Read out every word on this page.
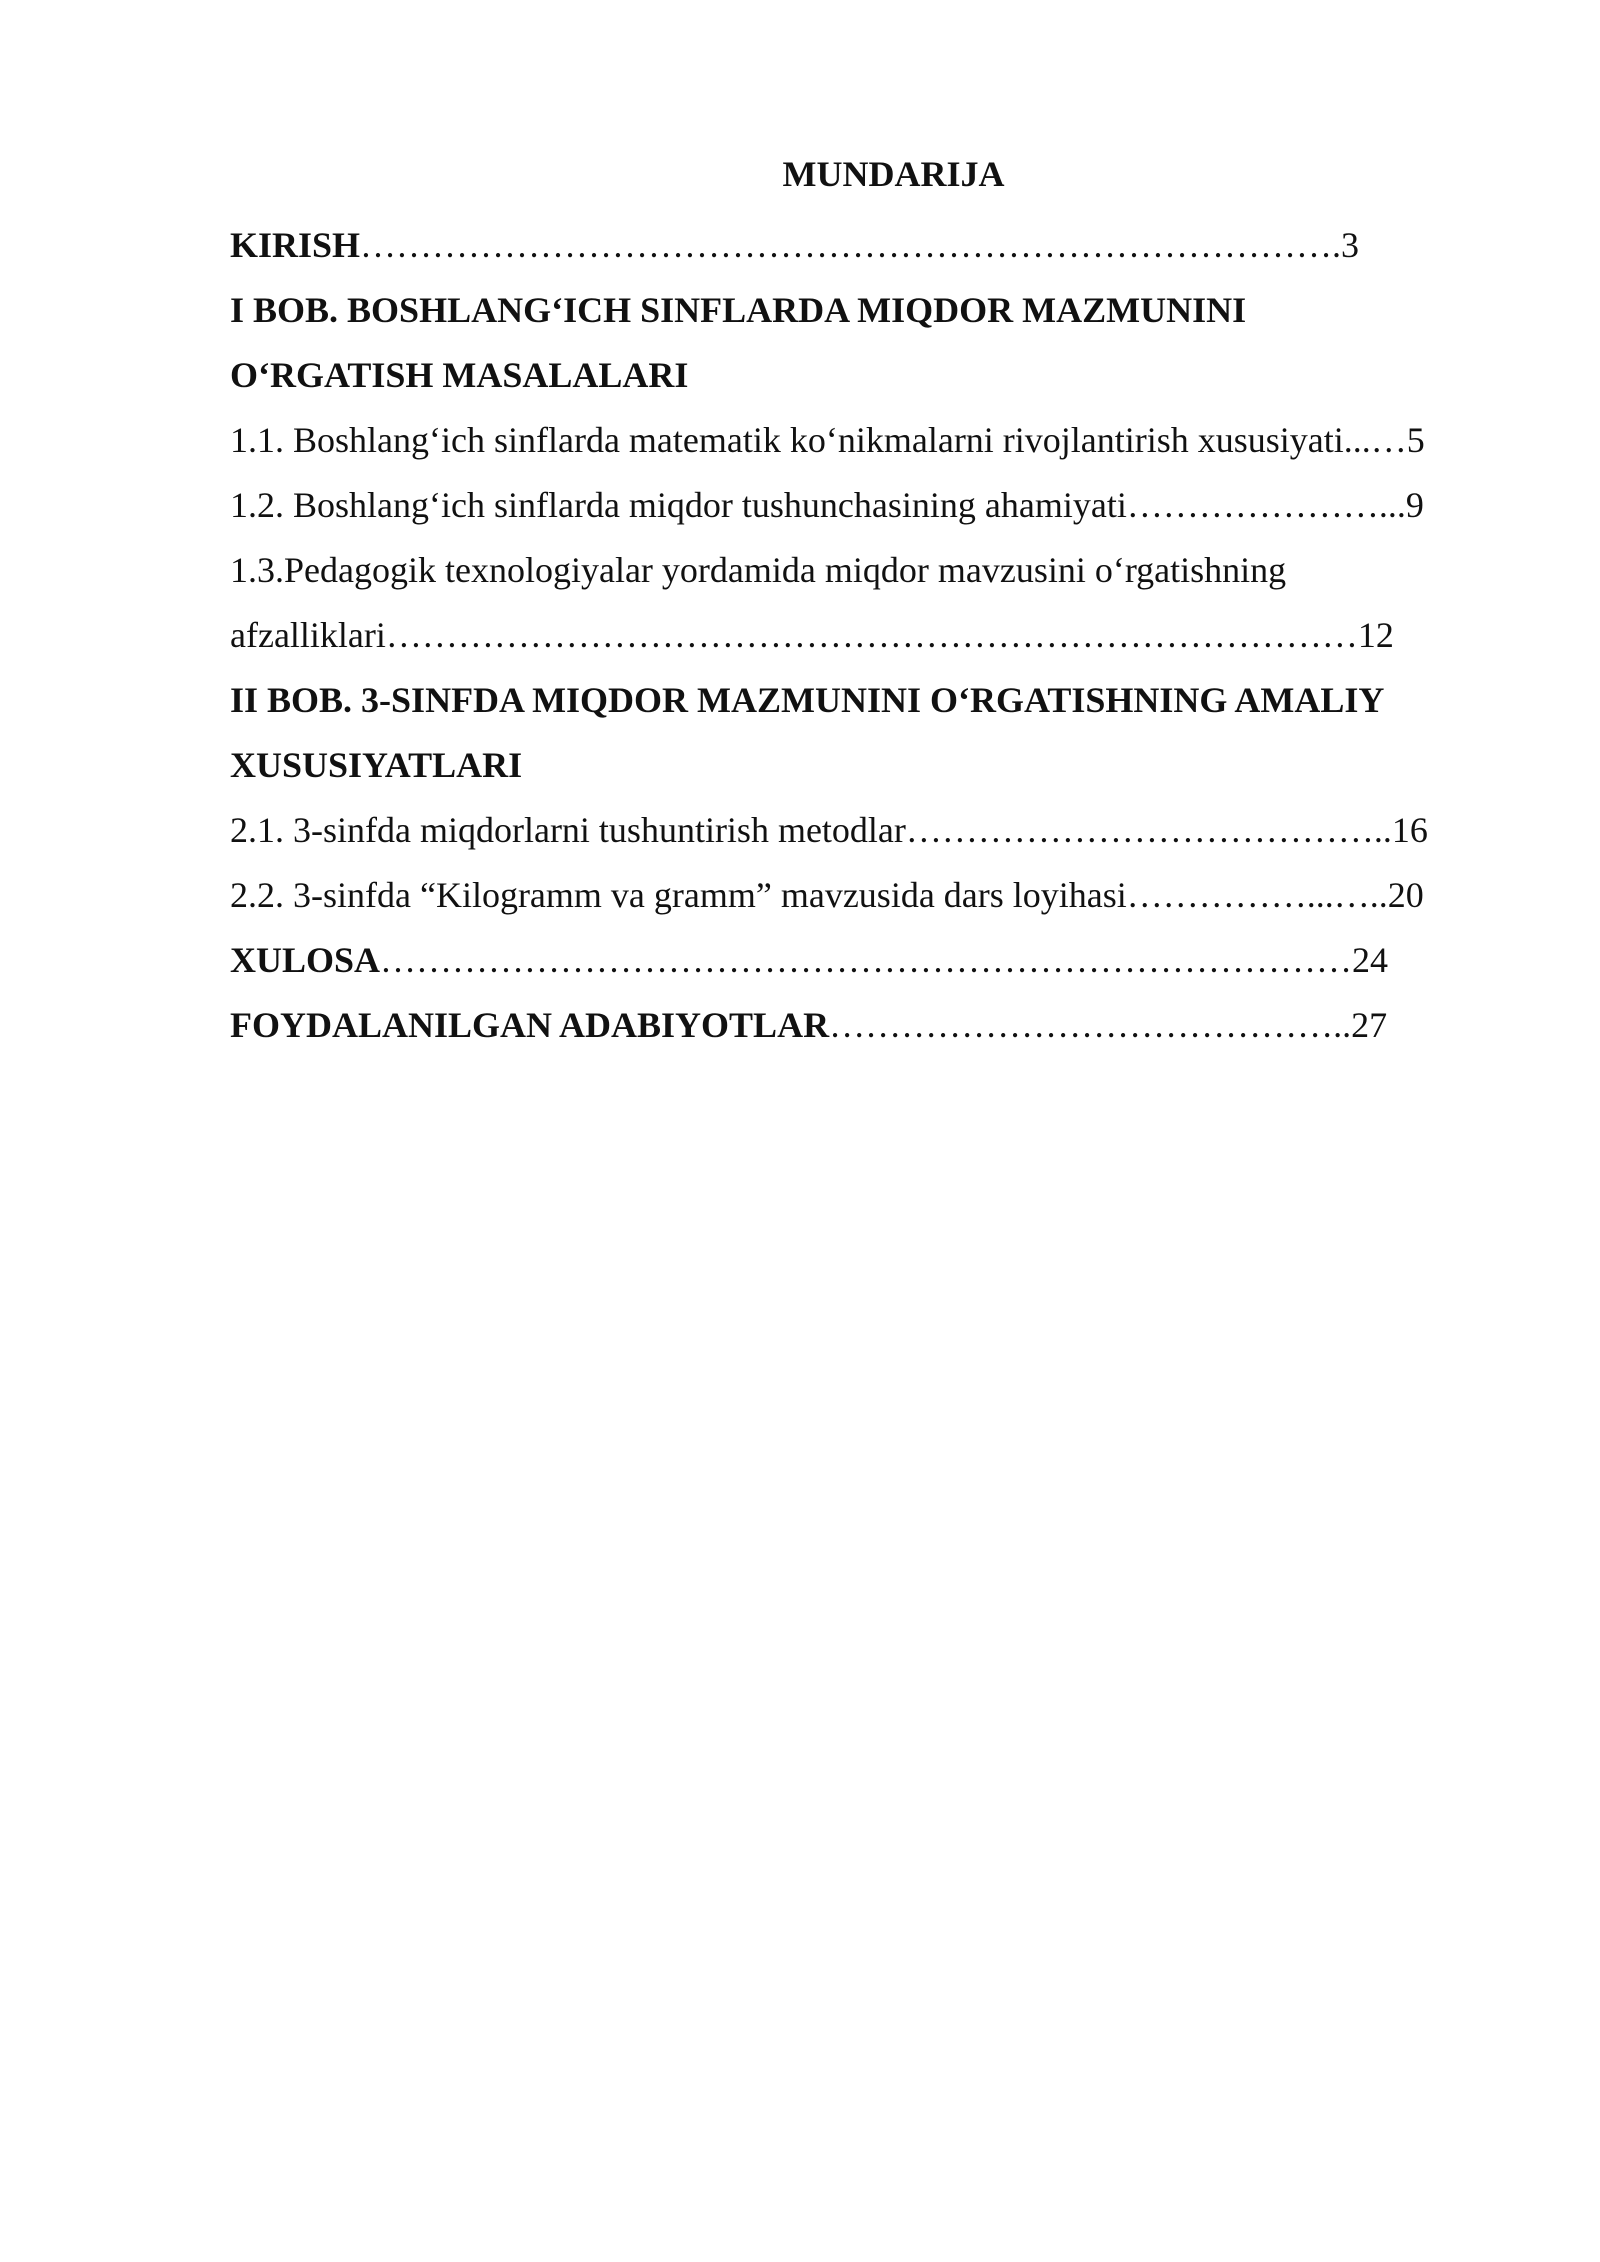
MUNDARIJA
KIRISH……………………………………………………………………….3
I BOB. BOSHLANG‘ICH SINFLARDA MIQDOR MAZMUNINI
O‘RGATISH MASALALARI
1.1. Boshlang‘ich sinflarda matematik ko‘nikmalarni rivojlantirish xususiyati...…5
1.2. Boshlang‘ich sinflarda miqdor tushunchasining ahamiyati…………………...9
1.3.Pedagogik texnologiyalar yordamida miqdor mavzusini o‘rgatishning
afzalliklari………………………………………………………………………12
II BOB. 3-SINFDA MIQDOR MAZMUNINI O‘RGATISHNING AMALIY
XUSUSIYATLARI
2.1. 3-sinfda miqdorlarni tushuntirish metodlar…………………………………..16
2.2. 3-sinfda “Kilogramm va gramm” mavzusida dars loyihasi……………...…..20
XULOSA………………………………………………………………………24
FOYDALANILGAN ADABIYOTLAR……………………………………..27
